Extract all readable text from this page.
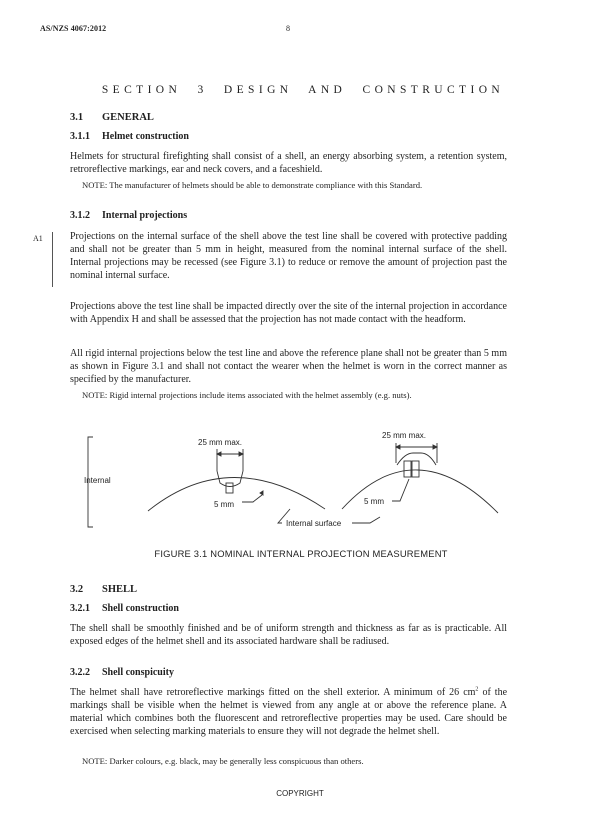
AS/NZS 4067:2012	8
SECTION 3 DESIGN AND CONSTRUCTION
3.1 GENERAL
3.1.1 Helmet construction

Helmets for structural firefighting shall consist of a shell, an energy absorbing system, a retention system, retroreflective markings, ear and neck covers, and a faceshield.

NOTE: The manufacturer of helmets should be able to demonstrate compliance with this Standard.

3.1.2 Internal projections
A1	Projections on the internal surface of the shell above the test line shall be covered with protective padding and shall not be greater than 5 mm in height, measured from the nominal internal surface of the shell. Internal projections may be recessed (see Figure 3.1) to reduce or remove the amount of projection past the nominal internal surface.

Projections above the test line shall be impacted directly over the site of the internal projection in accordance with Appendix H and shall be assessed that the projection has not made contact with the headform.

All rigid internal projections below the test line and above the reference plane shall not be greater than 5 mm as shown in Figure 3.1 and shall not contact the wearer when the helmet is worn in the correct manner as specified by the manufacturer.

NOTE: Rigid internal projections include items associated with the helmet assembly (e.g. nuts).

Internal
25 mm max.
5 mm
Internal surface
25 mm max.
5 mm
FIGURE 3.1 NOMINAL INTERNAL PROJECTION MEASUREMENT
3.2 SHELL
3.2.1 Shell construction

The shell shall be smoothly finished and be of uniform strength and thickness as far as is practicable. All exposed edges of the helmet shell and its associated hardware shall be radiused.

3.2.2 Shell conspicuity

The helmet shall have retroreflective markings fitted on the shell exterior. A minimum of 26 $cm^2$ of the markings shall be visible when the helmet is viewed from any angle at or above the reference plane. A material which combines both the fluorescent and retroreflective properties may be used. Care should be exercised when selecting marking materials to ensure they will not degrade the helmet shell.

NOTE: Darker colours, e.g. black, may be generally less conspicuous than others.

COPYRIGHT
